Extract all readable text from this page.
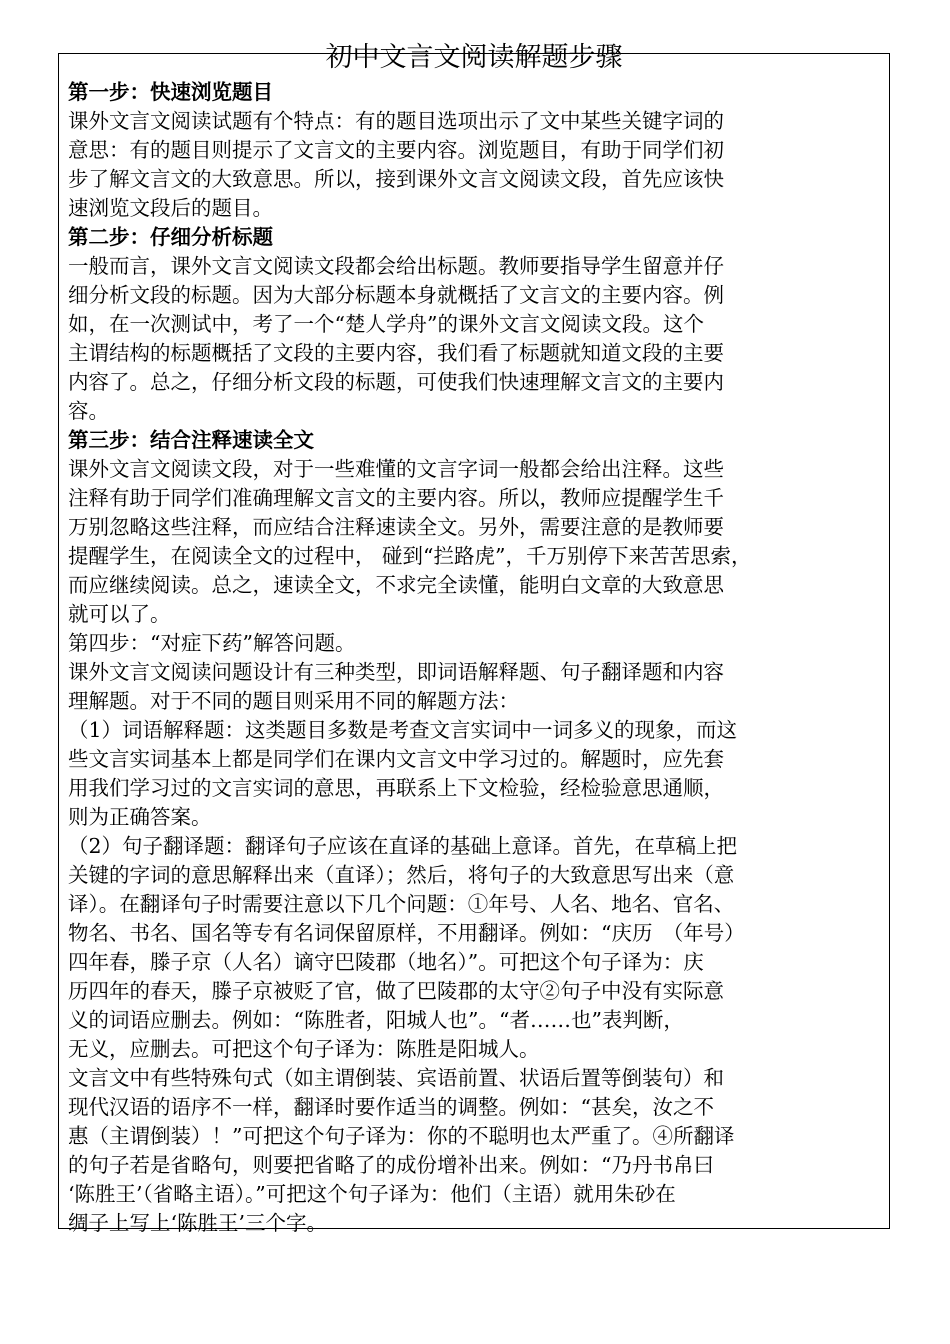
初中文言文阅读解题步骤
第一步：快速浏览题目
课外文言文阅读试题有个特点：有的题目选项出示了文中某些关键字词的
意思：有的题目则提示了文言文的主要内容。浏览题目，有助于同学们初
步了解文言文的大致意思。所以，接到课外文言文阅读文段，首先应该快
速浏览文段后的题目。
第二步：仔细分析标题
一般而言，课外文言文阅读文段都会给出标题。教师要指导学生留意并仔
细分析文段的标题。因为大部分标题本身就概括了文言文的主要内容。例
如，在一次测试中，考了一个“楚人学舟”的课外文言文阅读文段。这个
主谓结构的标题概括了文段的主要内容，我们看了标题就知道文段的主要
内容了。总之，仔细分析文段的标题，可使我们快速理解文言文的主要内
容。
第三步：结合注释速读全文
课外文言文阅读文段，对于一些难懂的文言字词一般都会给出注释。这些
注释有助于同学们准确理解文言文的主要内容。所以，教师应提醒学生千
万别忽略这些注释，而应结合注释速读全文。另外，需要注意的是教师要
提醒学生，在阅读全文的过程中， 碰到“拦路虎”，千万别停下来苦苦思索，
而应继续阅读。总之，速读全文，不求完全读懂，能明白文章的大致意思
就可以了。
第四步：“对症下药”解答问题。
课外文言文阅读问题设计有三种类型，即词语解释题、句子翻译题和内容
理解题。对于不同的题目则采用不同的解题方法：
（1）词语解释题：这类题目多数是考查文言实词中一词多义的现象，而这
些文言实词基本上都是同学们在课内文言文中学习过的。解题时，应先套
用我们学习过的文言实词的意思，再联系上下文检验，经检验意思通顺，
则为正确答案。
（2）句子翻译题：翻译句子应该在直译的基础上意译。首先，在草稿上把
关键的字词的意思解释出来（直译）；然后，将句子的大致意思写出来（意
译）。在翻译句子时需要注意以下几个问题：①年号、人名、地名、官名、
物名、书名、国名等专有名词保留原样，不用翻译。例如：“庆历　（年号）
四年春，滕子京（人名）谪守巴陵郡（地名）”。可把这个句子译为：庆
历四年的春天，滕子京被贬了官，做了巴陵郡的太守②句子中没有实际意
义的词语应删去。例如：“陈胜者，阳城人也”。“者……也”表判断，
无义，应删去。可把这个句子译为：陈胜是阳城人。
文言文中有些特殊句式（如主谓倒装、宾语前置、状语后置等倒装句）和
现代汉语的语序不一样，翻译时要作适当的调整。例如：“甚矣，汝之不
惠（主谓倒装）！”可把这个句子译为：你的不聪明也太严重了。④所翻译
的句子若是省略句，则要把省略了的成份增补出来。例如：“乃丹书帛曰
‘陈胜王’（省略主语）。”可把这个句子译为：他们（主语）就用朱砂在
绸子上写上‘陈胜王’三个字。
